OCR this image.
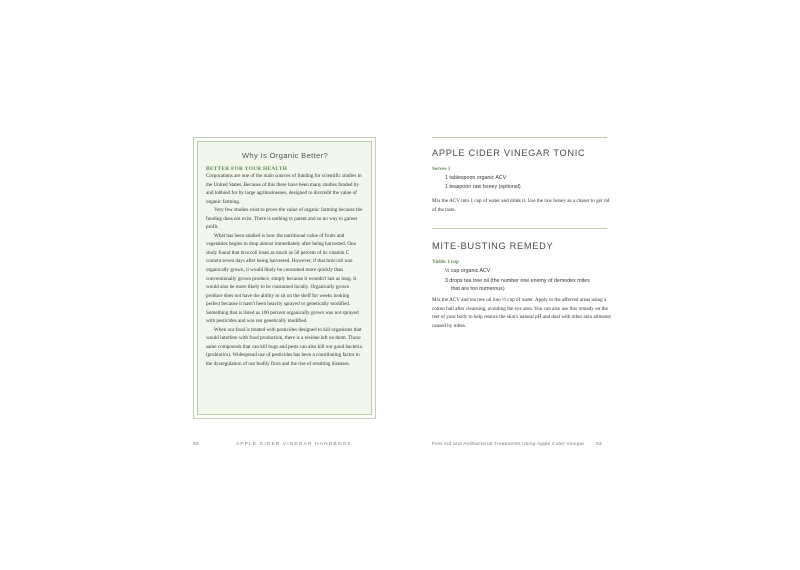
Why Is Organic Better?
BETTER FOR YOUR HEALTH

Corporations are one of the main sources of funding for scientific studies in the United States. Because of this there have been many studies funded by and lobbied for by large agribusinesses, designed to discredit the value of organic farming.

Very few studies exist to prove the value of organic farming because the funding does not exist. There is nothing to patent and so no way to garner profit.

What has been studied is how the nutritional value of fruits and vegetables begins to drop almost immediately after being harvested. One study found that broccoli loses as much as 50 percent of its vitamin C content seven days after being harvested. However, if that broccoli was organically grown, it would likely be consumed more quickly than conventionally grown produce, simply because it wouldn't last as long. It would also be more likely to be consumed locally. Organically grown produce does not have the ability to sit on the shelf for weeks looking perfect because it hasn't been heavily sprayed or genetically modified. Something that is listed as 100 percent organically grown was not sprayed with pesticides and was not genetically modified.

When our food is treated with pesticides designed to kill organisms that would interfere with food production, there is a residue left on them. Those same compounds that can kill bugs and pests can also kill our good bacteria (probiotics). Widespread use of pesticides has been a contributing factor to the dysregulation of our bodily flora and the rise of resulting diseases.

82	APPLE CIDER VINEGAR HANDBOOK
APPLE CIDER VINEGAR TONIC
Serves 1
1 tablespoon organic ACV
1 teaspoon raw honey (optional)

Mix the ACV into 1 cup of water and drink it. Use the raw honey as a chaser to get rid of the taste.

MITE-BUSTING REMEDY
Yields 1 cup
½ cup organic ACV
3 drops tea tree oil (the number one enemy of demodex mites
that are too numerous)

Mix the ACV and tea tree oil into ½ cup of water. Apply to the affected areas using a cotton ball after cleansing, avoiding the eye area. You can also use this remedy on the rest of your body to help restore the skin's natural pH and deal with other skin ailments caused by mites.

First Aid and Antibacterial Treatments Using Apple Cider Vinegar 83
